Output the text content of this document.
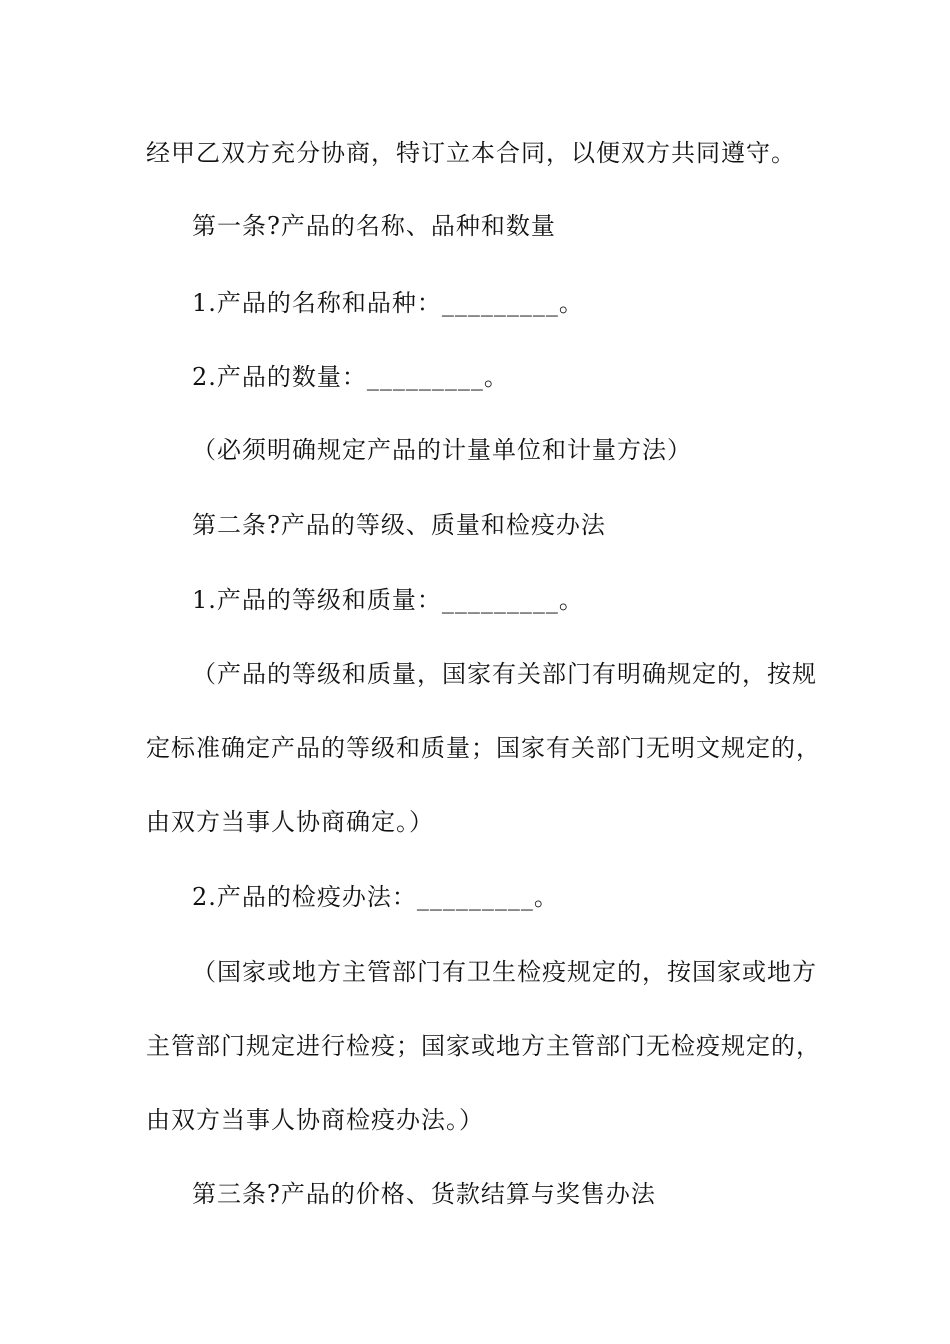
经甲乙双方充分协商，特订立本合同，以便双方共同遵守。
第一条?产品的名称、品种和数量
1.产品的名称和品种：_________。
2.产品的数量：_________。
（必须明确规定产品的计量单位和计量方法）
第二条?产品的等级、质量和检疫办法
1.产品的等级和质量：_________。
（产品的等级和质量，国家有关部门有明确规定的，按规
定标准确定产品的等级和质量；国家有关部门无明文规定的，
由双方当事人协商确定。）
2.产品的检疫办法：_________。
（国家或地方主管部门有卫生检疫规定的，按国家或地方
主管部门规定进行检疫；国家或地方主管部门无检疫规定的，
由双方当事人协商检疫办法。）
第三条?产品的价格、货款结算与奖售办法
